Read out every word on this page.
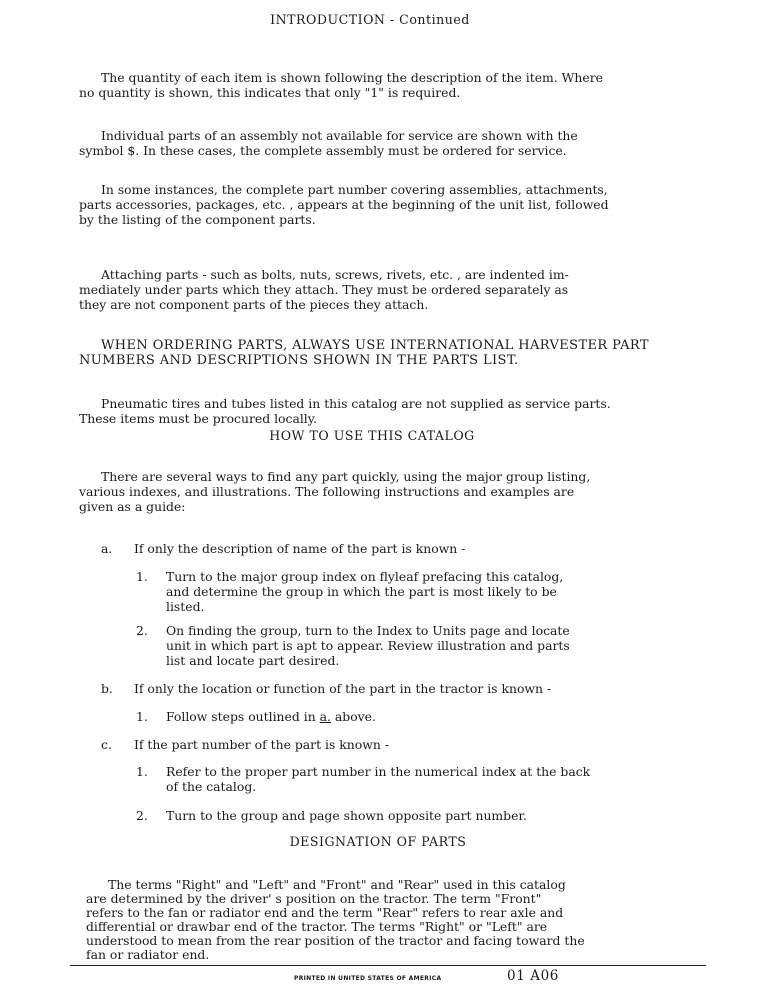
INTRODUCTION - Continued
The quantity of each item is shown following the description of the item. Where
no quantity is shown, this indicates that only "1" is required.
Individual parts of an assembly not available for service are shown with the
symbol $. In these cases, the complete assembly must be ordered for service.
In some instances, the complete part number covering assemblies, attachments,
parts accessories, packages, etc. , appears at the beginning of the unit list, followed
by the listing of the component parts.
Attaching parts - such as bolts, nuts, screws, rivets, etc. , are indented im-
mediately under parts which they attach. They must be ordered separately as
they are not component parts of the pieces they attach.
WHEN ORDERING PARTS, ALWAYS USE INTERNATIONAL HARVESTER PART
NUMBERS AND DESCRIPTIONS SHOWN IN THE PARTS LIST.
Pneumatic tires and tubes listed in this catalog are not supplied as service parts.
These items must be procured locally.
HOW TO USE THIS CATALOG
There are several ways to find any part quickly, using the major group listing,
various indexes, and illustrations. The following instructions and examples are
given as a guide:
a. If only the description of name of the part is known -
1. Turn to the major group index on flyleaf prefacing this catalog,
and determine the group in which the part is most likely to be
listed.
2. On finding the group, turn to the Index to Units page and locate
unit in which part is apt to appear. Review illustration and parts
list and locate part desired.
b. If only the location or function of the part in the tractor is known -
1. Follow steps outlined in a. above.
c. If the part number of the part is known -
1. Refer to the proper part number in the numerical index at the back
of the catalog.
2. Turn to the group and page shown opposite part number.
DESIGNATION OF PARTS
The terms "Right" and "Left" and "Front" and "Rear" used in this catalog
are determined by the driver' s position on the tractor. The term "Front"
refers to the fan or radiator end and the term "Rear" refers to rear axle and
differential or drawbar end of the tractor. The terms "Right" or "Left" are
understood to mean from the rear position of the tractor and facing toward the
fan or radiator end.
PRINTED IN UNITED STATES OF AMERICA	01 A06
